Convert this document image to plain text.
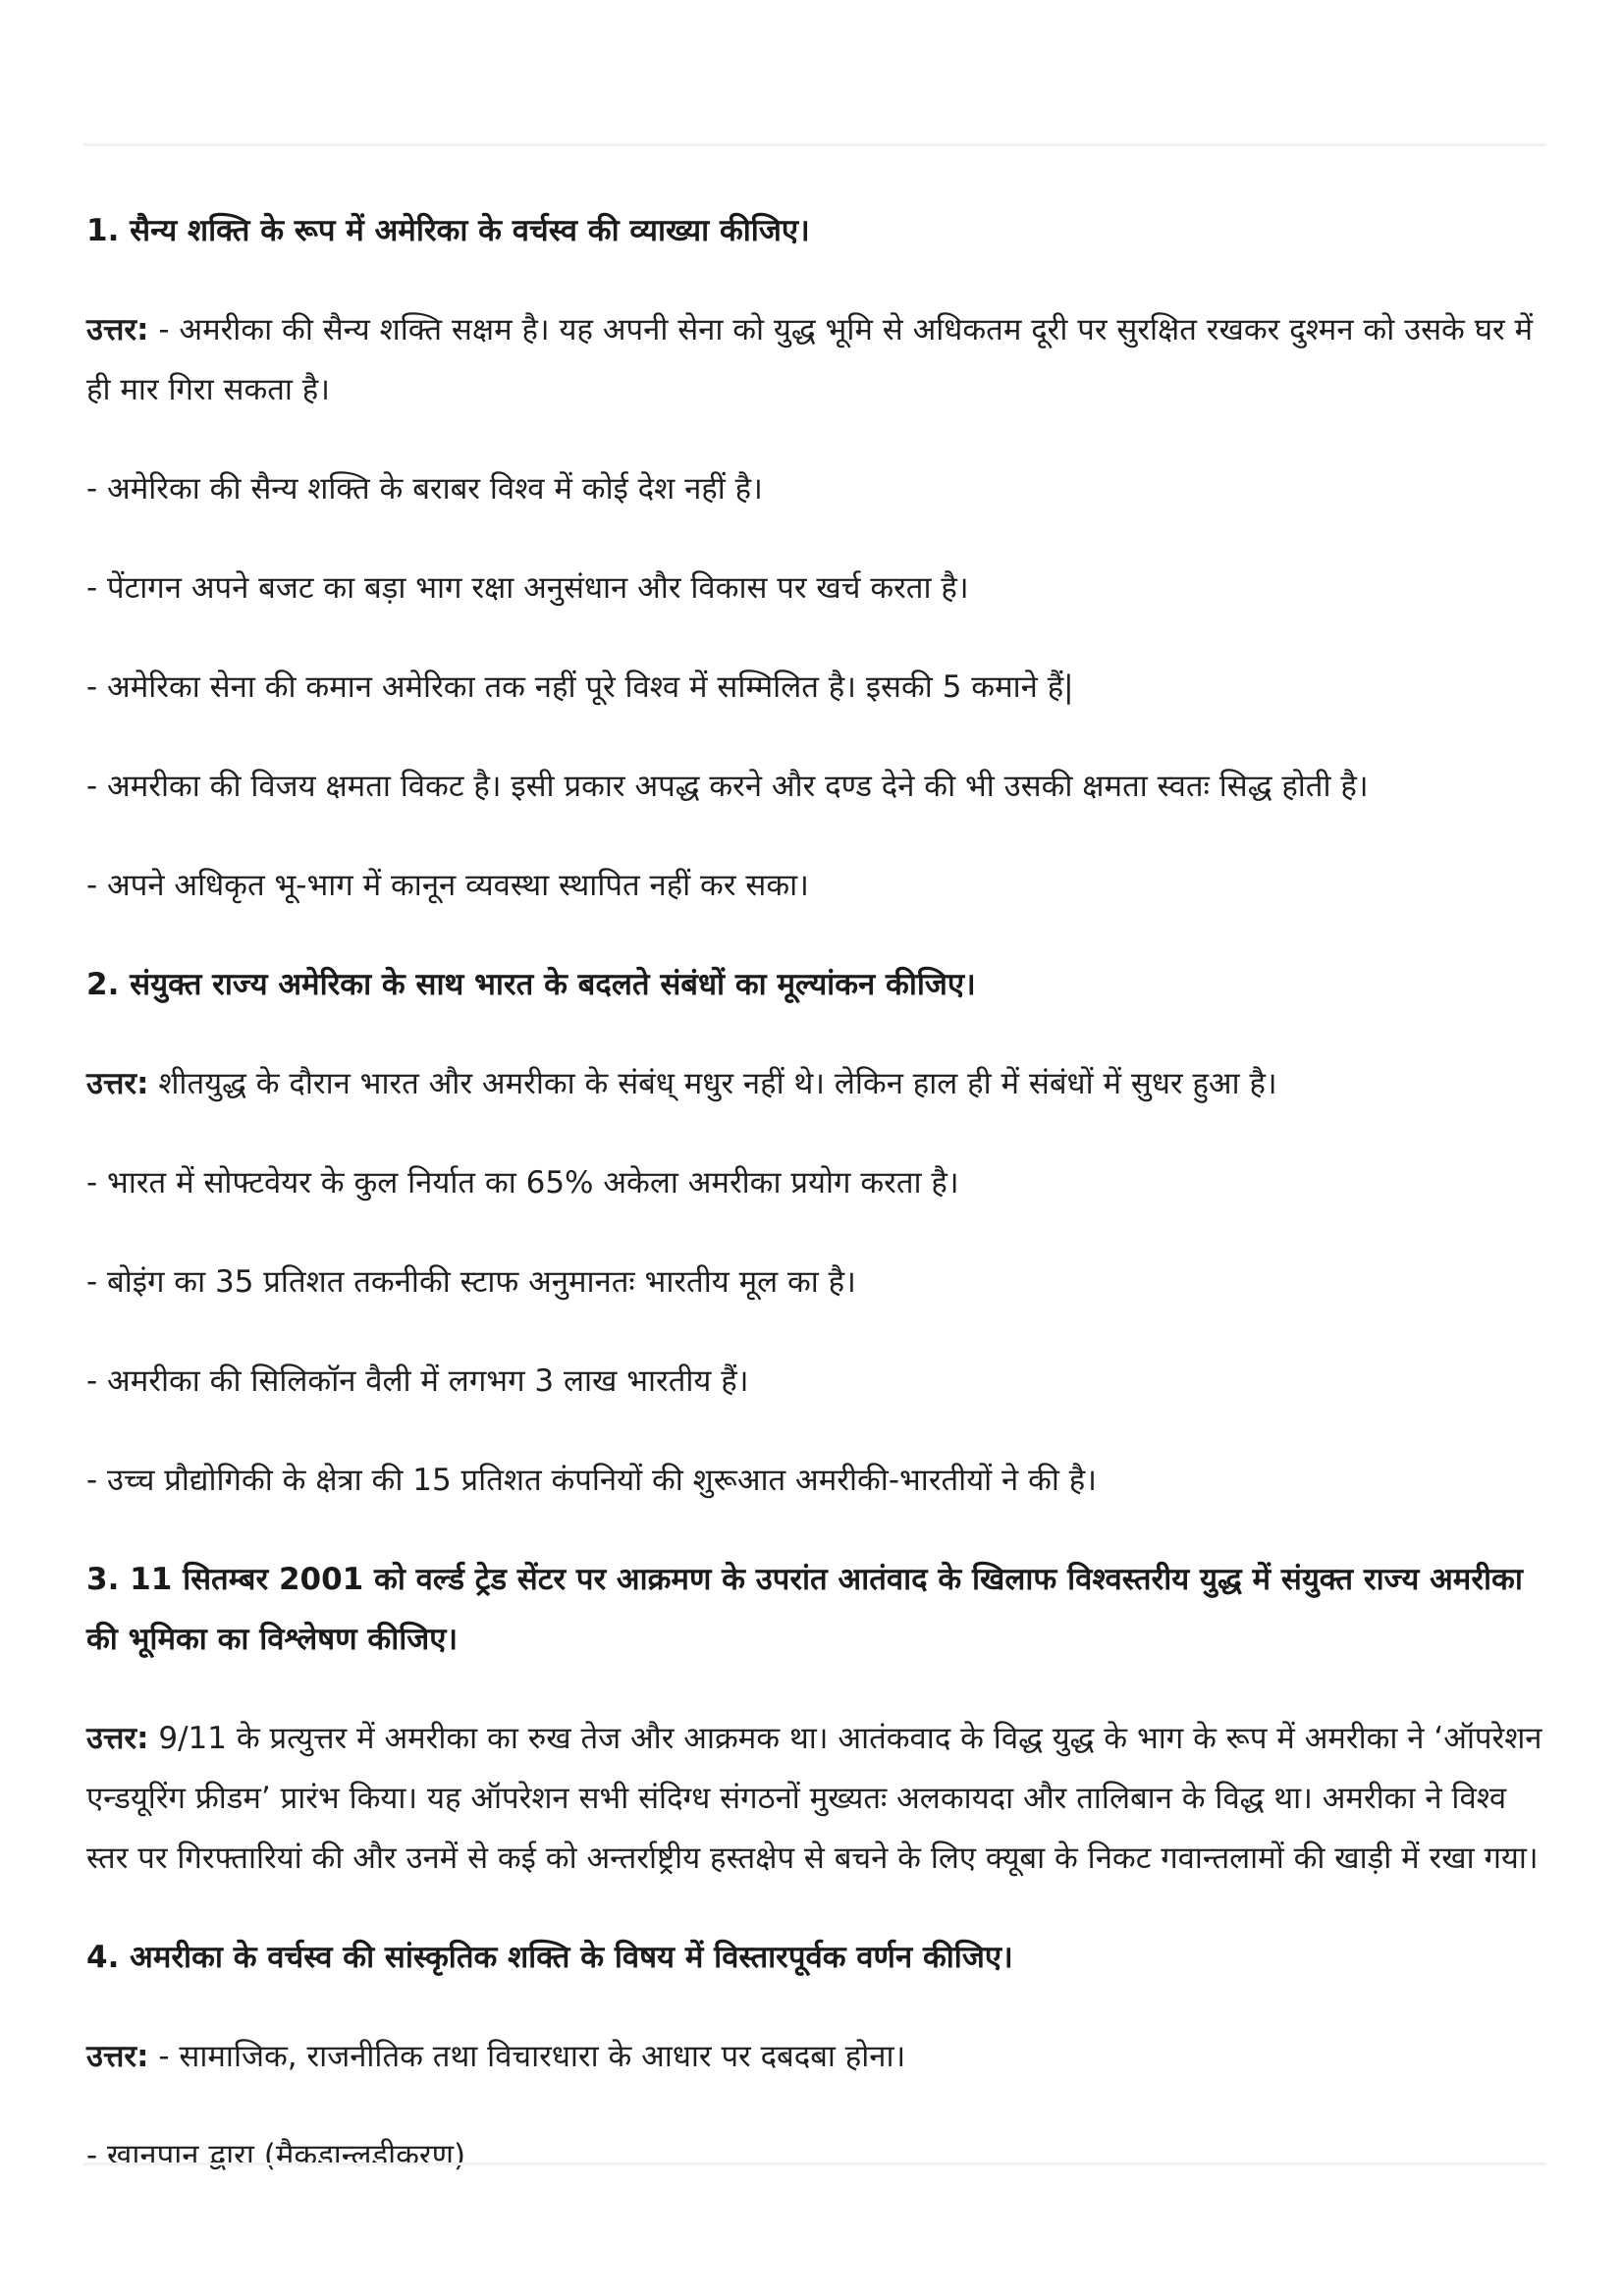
1. सैन्य शक्ति के रूप में अमेरिका के वर्चस्व की व्याख्या कीजिए।

उत्तर: - अमरीका की सैन्य शक्ति सक्षम है। यह अपनी सेना को युद्ध भूमि से अधिकतम दूरी पर सुरक्षित रखकर दुश्मन को उसके घर में ही मार गिरा सकता है।

- अमेरिका की सैन्य शक्ति के बराबर विश्व में कोई देश नहीं है।

- पेंटागन अपने बजट का बड़ा भाग रक्षा अनुसंधान और विकास पर खर्च करता है।

- अमेरिका सेना की कमान अमेरिका तक नहीं पूरे विश्व में सम्मिलित है। इसकी 5 कमाने हैं|

- अमरीका की विजय क्षमता विकट है। इसी प्रकार अपद्ध करने और दण्ड देने की भी उसकी क्षमता स्वतः सिद्ध होती है।

- अपने अधिकृत भू-भाग में कानून व्यवस्था स्थापित नहीं कर सका।

2. संयुक्त राज्य अमेरिका के साथ भारत के बदलते संबंधों का मूल्यांकन कीजिए।

उत्तर: शीतयुद्ध के दौरान भारत और अमरीका के संबंध् मधुर नहीं थे। लेकिन हाल ही में संबंधों में सुधर हुआ है।

- भारत में सोफ्टवेयर के कुल निर्यात का 65% अकेला अमरीका प्रयोग करता है।

- बोइंग का 35 प्रतिशत तकनीकी स्टाफ अनुमानतः भारतीय मूल का है।

- अमरीका की सिलिकॉन वैली में लगभग 3 लाख भारतीय हैं।

- उच्च प्रौद्योगिकी के क्षेत्रा की 15 प्रतिशत कंपनियों की शुरूआत अमरीकी-भारतीयों ने की है।

3. 11 सितम्बर 2001 को वर्ल्ड ट्रेड सेंटर पर आक्रमण के उपरांत आतंवाद के खिलाफ विश्वस्तरीय युद्ध में संयुक्त राज्य अमरीका की भूमिका का विश्लेषण कीजिए।

उत्तर: 9/11 के प्रत्युत्तर में अमरीका का रुख तेज और आक्रमक था। आतंकवाद के विद्ध युद्ध के भाग के रूप में अमरीका ने ‘ऑपरेशन एन्डयूरिंग फ्रीडम’ प्रारंभ किया। यह ऑपरेशन सभी संदिग्ध संगठनों मुख्यतः अलकायदा और तालिबान के विद्ध था। अमरीका ने विश्व स्तर पर गिरफ्तारियां की और उनमें से कई को अन्तर्राष्ट्रीय हस्तक्षेप से बचने के लिए क्यूबा के निकट गवान्तलामों की खाड़ी में रखा गया।

4. अमरीका के वर्चस्व की सांस्कृतिक शक्ति के विषय में विस्तारपूर्वक वर्णन कीजिए।

उत्तर: - सामाजिक, राजनीतिक तथा विचारधारा के आधार पर दबदबा होना।

- खानपान द्वारा (मैकडान्लडीकरण)
